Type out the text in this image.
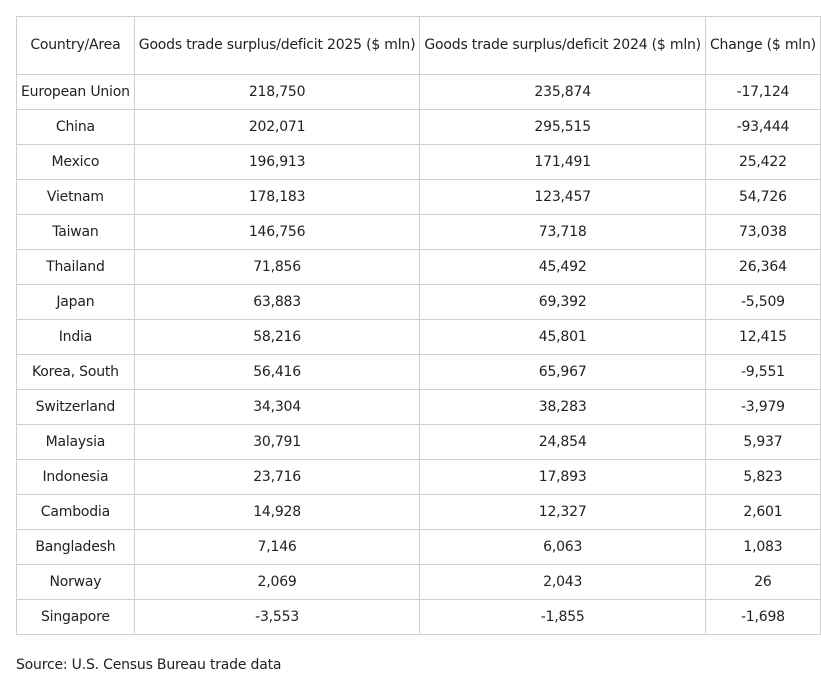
Country/Area	Goods trade surplus/deficit 2025 ($ mln)	Goods trade surplus/deficit 2024 ($ mln)	Change ($ mln)
European Union	218,750	235,874	-17,124
China	202,071	295,515	-93,444
Mexico	196,913	171,491	25,422
Vietnam	178,183	123,457	54,726
Taiwan	146,756	73,718	73,038
Thailand	71,856	45,492	26,364
Japan	63,883	69,392	-5,509
India	58,216	45,801	12,415
Korea, South	56,416	65,967	-9,551
Switzerland	34,304	38,283	-3,979
Malaysia	30,791	24,854	5,937
Indonesia	23,716	17,893	5,823
Cambodia	14,928	12,327	2,601
Bangladesh	7,146	6,063	1,083
Norway	2,069	2,043	26
Singapore	-3,553	-1,855	-1,698
Source: U.S. Census Bureau trade data
